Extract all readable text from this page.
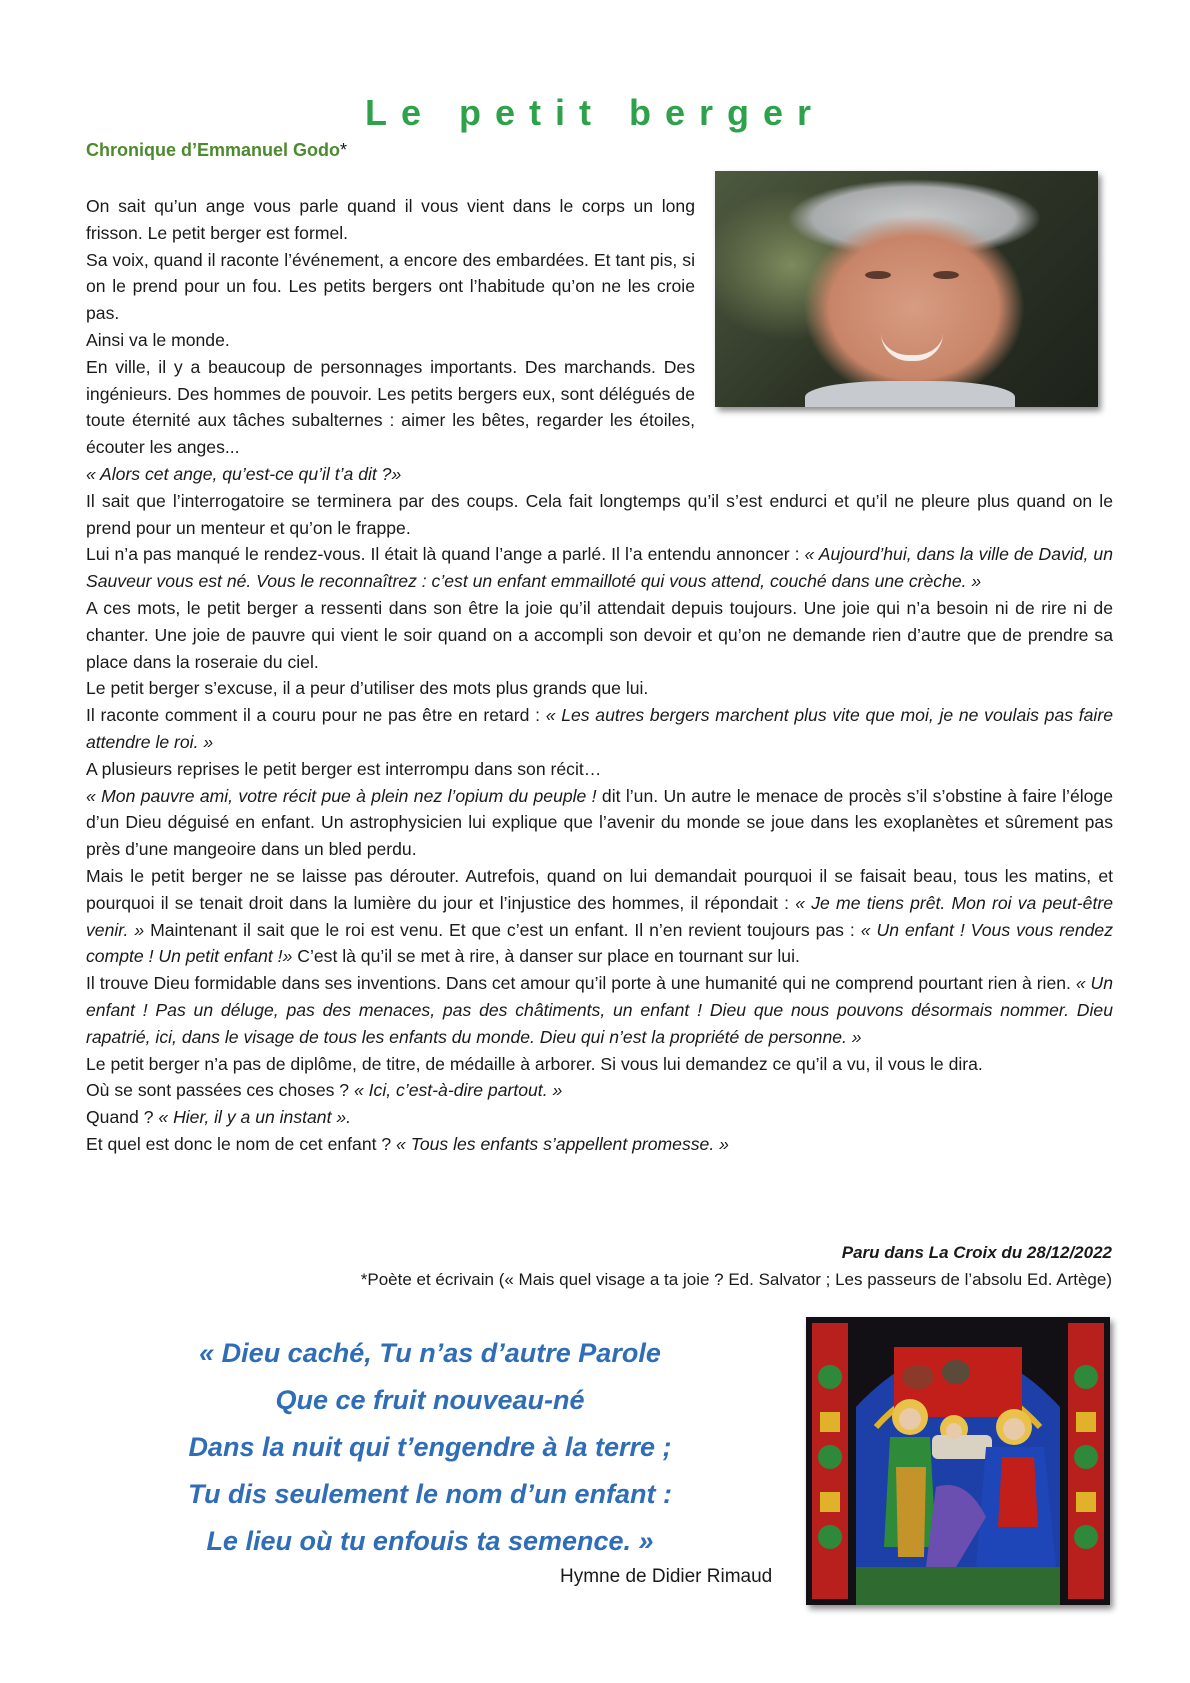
Le petit berger
Chronique d’Emmanuel Godo*

On sait qu’un ange vous parle quand il vous vient dans le corps un long frisson. Le petit berger est formel.

Sa voix, quand il raconte l’événement, a encore des embardées. Et tant pis, si on le prend pour un fou. Les petits bergers ont l’habitude qu’on ne les croie pas.

Ainsi va le monde.

En ville, il y a beaucoup de personnages importants. Des marchands. Des ingénieurs. Des hommes de pouvoir. Les petits bergers eux, sont délégués de toute éternité aux tâches subalternes : aimer les bêtes, regarder les étoiles, écouter les anges...

« Alors cet ange, qu’est-ce qu’il t’a dit ?»

Il sait que l’interrogatoire se terminera par des coups. Cela fait longtemps qu’il s’est endurci et qu’il ne pleure plus quand on le prend pour un menteur et qu’on le frappe.

Lui n’a pas manqué le rendez-vous. Il était là quand l’ange a parlé. Il l’a entendu annoncer : « Aujourd’hui, dans la ville de David, un Sauveur vous est né. Vous le reconnaîtrez : c’est un enfant emmailloté qui vous attend, couché dans une crèche. »

A ces mots, le petit berger a ressenti dans son être la joie qu’il attendait depuis toujours. Une joie qui n’a besoin ni de rire ni de chanter. Une joie de pauvre qui vient le soir quand on a accompli son devoir et qu’on ne demande rien d’autre que de prendre sa place dans la roseraie du ciel.

Le petit berger s’excuse, il a peur d’utiliser des mots plus grands que lui.

Il raconte comment il a couru pour ne pas être en retard : « Les autres bergers marchent plus vite que moi, je ne voulais pas faire attendre le roi. »

A plusieurs reprises le petit berger est interrompu dans son récit…

« Mon pauvre ami, votre récit pue à plein nez l’opium du peuple ! dit l’un. Un autre le menace de procès s’il s’obstine à faire l’éloge d’un Dieu déguisé en enfant. Un astrophysicien lui explique que l’avenir du monde se joue dans les exoplanètes et sûrement pas près d’une mangeoire dans un bled perdu.

Mais le petit berger ne se laisse pas dérouter. Autrefois, quand on lui demandait pourquoi il se faisait beau, tous les matins, et pourquoi il se tenait droit dans la lumière du jour et l’injustice des hommes, il répondait : « Je me tiens prêt. Mon roi va peut-être venir. » Maintenant il sait que le roi est venu. Et que c’est un enfant. Il n’en revient toujours pas : « Un enfant ! Vous vous rendez compte ! Un petit enfant !» C’est là qu’il se met à rire, à danser sur place en tournant sur lui.

Il trouve Dieu formidable dans ses inventions. Dans cet amour qu’il porte à une humanité qui ne comprend pourtant rien à rien. « Un enfant ! Pas un déluge, pas des menaces, pas des châtiments, un enfant ! Dieu que nous pouvons désormais nommer. Dieu rapatrié, ici, dans le visage de tous les enfants du monde. Dieu qui n’est la propriété de personne. »

Le petit berger n’a pas de diplôme, de titre, de médaille à arborer. Si vous lui demandez ce qu’il a vu, il vous le dira.

Où se sont passées ces choses ? « Ici, c’est-à-dire partout. »

Quand ? « Hier, il y a un instant ».

Et quel est donc le nom de cet enfant ? « Tous les enfants s’appellent promesse. »

Paru dans La Croix du 28/12/2022
*Poète et écrivain (« Mais quel visage a ta joie ? Ed. Salvator ; Les passeurs de l’absolu Ed. Artège)
« Dieu caché, Tu n’as d’autre Parole
Que ce fruit nouveau-né
Dans la nuit qui t’engendre à la terre ;
Tu dis seulement le nom d’un enfant :
Le lieu où tu enfouis ta semence. »
Hymne de Didier Rimaud
